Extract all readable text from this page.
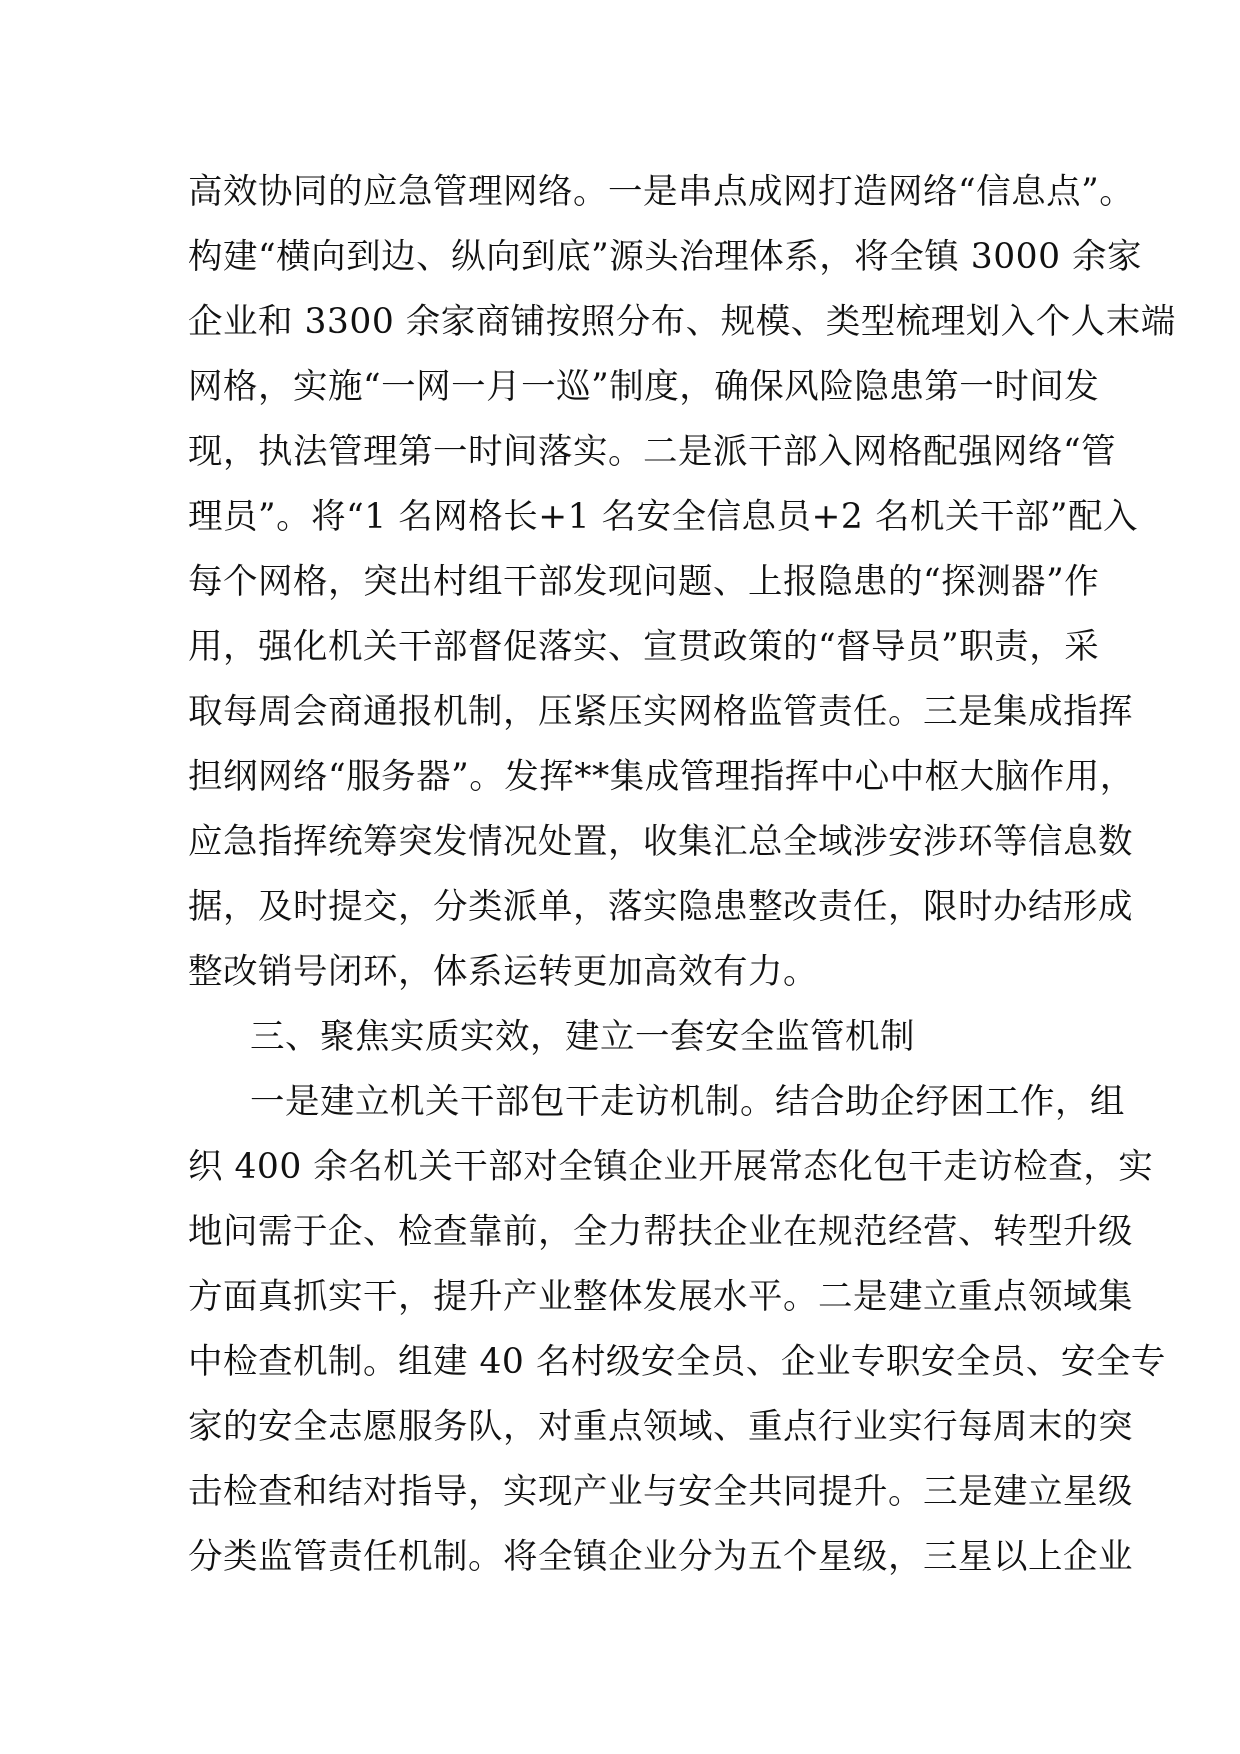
高效协同的应急管理网络。一是串点成网打造网络“信息点”。
构建“横向到边、纵向到底”源头治理体系，将全镇 3000 余家
企业和 3300 余家商铺按照分布、规模、类型梳理划入个人末端
网格，实施“一网一月一巡”制度，确保风险隐患第一时间发
现，执法管理第一时间落实。二是派干部入网格配强网络“管
理员”。将“1 名网格长+1 名安全信息员+2 名机关干部”配入
每个网格，突出村组干部发现问题、上报隐患的“探测器”作
用，强化机关干部督促落实、宣贯政策的“督导员”职责，采
取每周会商通报机制，压紧压实网格监管责任。三是集成指挥
担纲网络“服务器”。发挥**集成管理指挥中心中枢大脑作用，
应急指挥统筹突发情况处置，收集汇总全域涉安涉环等信息数
据，及时提交，分类派单，落实隐患整改责任，限时办结形成
整改销号闭环，体系运转更加高效有力。
三、聚焦实质实效，建立一套安全监管机制
一是建立机关干部包干走访机制。结合助企纾困工作，组
织 400 余名机关干部对全镇企业开展常态化包干走访检查，实
地问需于企、检查靠前，全力帮扶企业在规范经营、转型升级
方面真抓实干，提升产业整体发展水平。二是建立重点领域集
中检查机制。组建 40 名村级安全员、企业专职安全员、安全专
家的安全志愿服务队，对重点领域、重点行业实行每周末的突
击检查和结对指导，实现产业与安全共同提升。三是建立星级
分类监管责任机制。将全镇企业分为五个星级，三星以上企业
